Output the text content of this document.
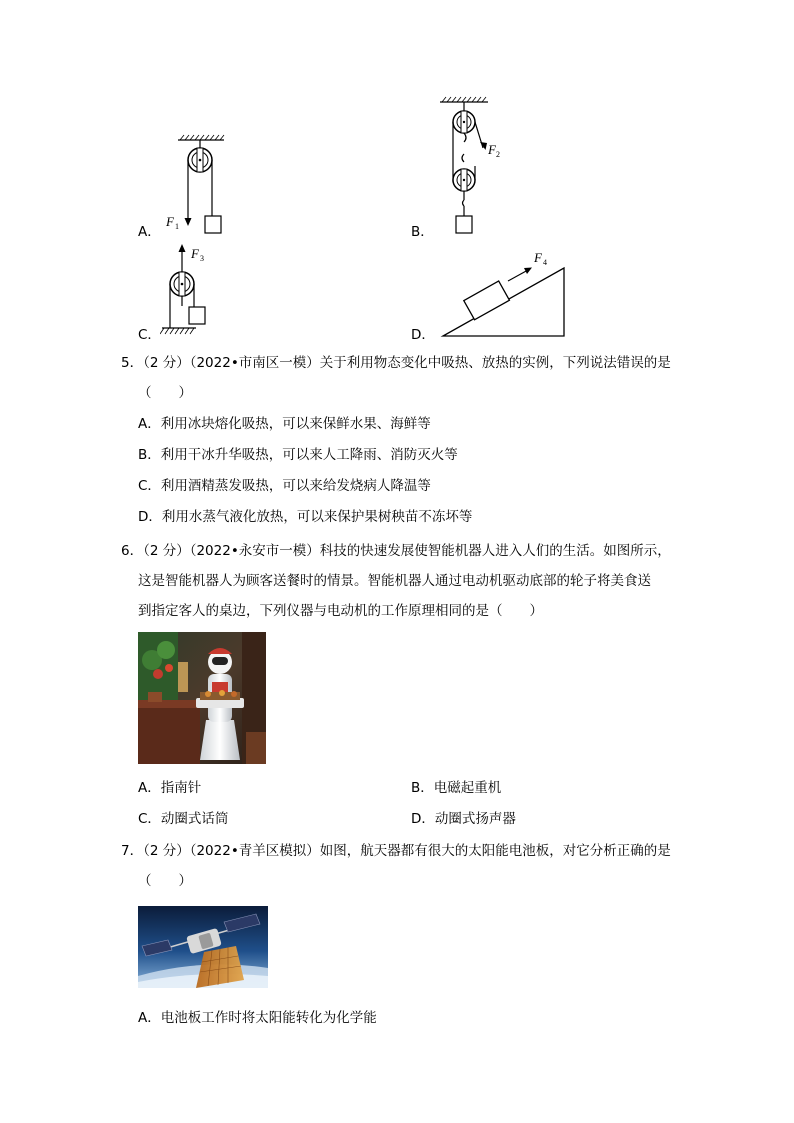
A．
F 1	B．
F 2
C．
F 3
D．
F 4
5．（2 分）（2022•市南区一模）关于利用物态变化中吸热、放热的实例，下列说法错误的是
（　　）
A．利用冰块熔化吸热，可以来保鲜水果、海鲜等
B．利用干冰升华吸热，可以来人工降雨、消防灭火等
C．利用酒精蒸发吸热，可以来给发烧病人降温等
D．利用水蒸气液化放热，可以来保护果树秧苗不冻坏等
6．（2 分）（2022•永安市一模）科技的快速发展使智能机器人进入人们的生活。如图所示，
这是智能机器人为顾客送餐时的情景。智能机器人通过电动机驱动底部的轮子将美食送
到指定客人的桌边，下列仪器与电动机的工作原理相同的是（　　）
A．指南针	B．电磁起重机
C．动圈式话筒	D．动圈式扬声器
7．（2 分）（2022•青羊区模拟）如图，航天器都有很大的太阳能电池板，对它分析正确的是
（　　）
A．电池板工作时将太阳能转化为化学能
